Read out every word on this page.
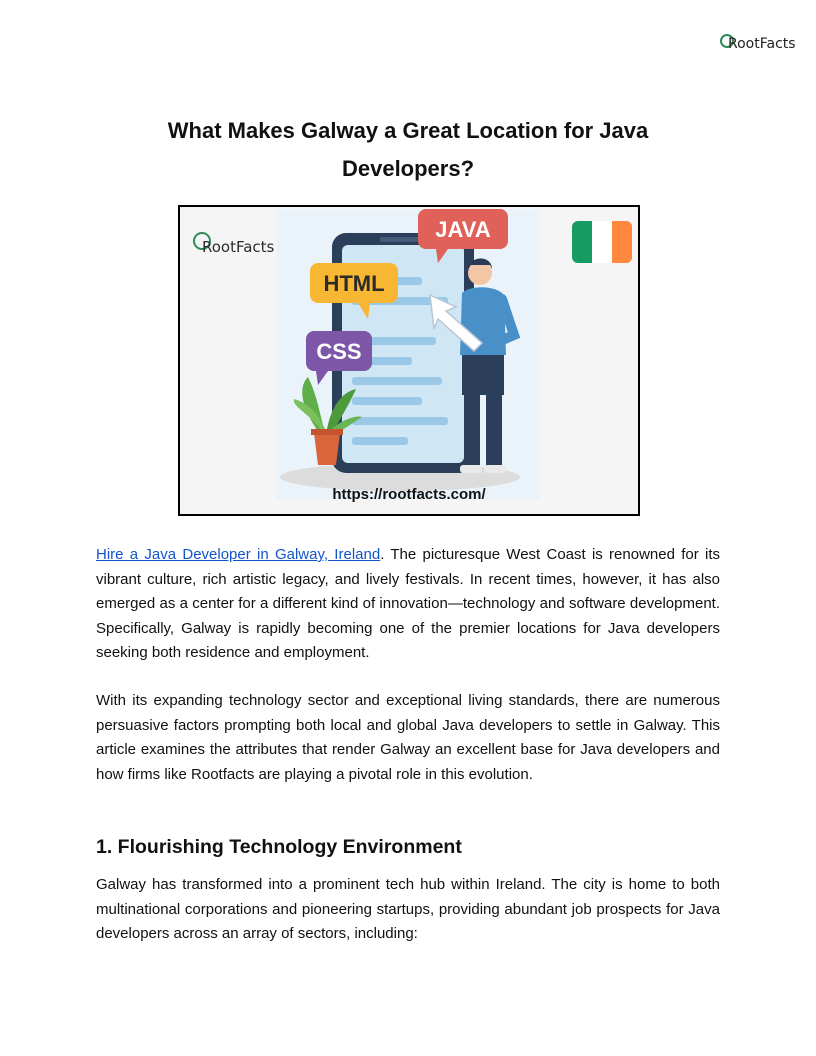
RootFacts
What Makes Galway a Great Location for Java
Developers?
JAVA
HTML
CSS
RootFacts
https://rootfacts.com/
Hire a Java Developer in Galway, Ireland. The picturesque West Coast is renowned for its vibrant culture, rich artistic legacy, and lively festivals. In recent times, however, it has also emerged as a center for a different kind of innovation—technology and software development. Specifically, Galway is rapidly becoming one of the premier locations for Java developers seeking both residence and employment.
With its expanding technology sector and exceptional living standards, there are numerous persuasive factors prompting both local and global Java developers to settle in Galway. This article examines the attributes that render Galway an excellent base for Java developers and how firms like Rootfacts are playing a pivotal role in this evolution.
1. Flourishing Technology Environment
Galway has transformed into a prominent tech hub within Ireland. The city is home to both multinational corporations and pioneering startups, providing abundant job prospects for Java developers across an array of sectors, including:
